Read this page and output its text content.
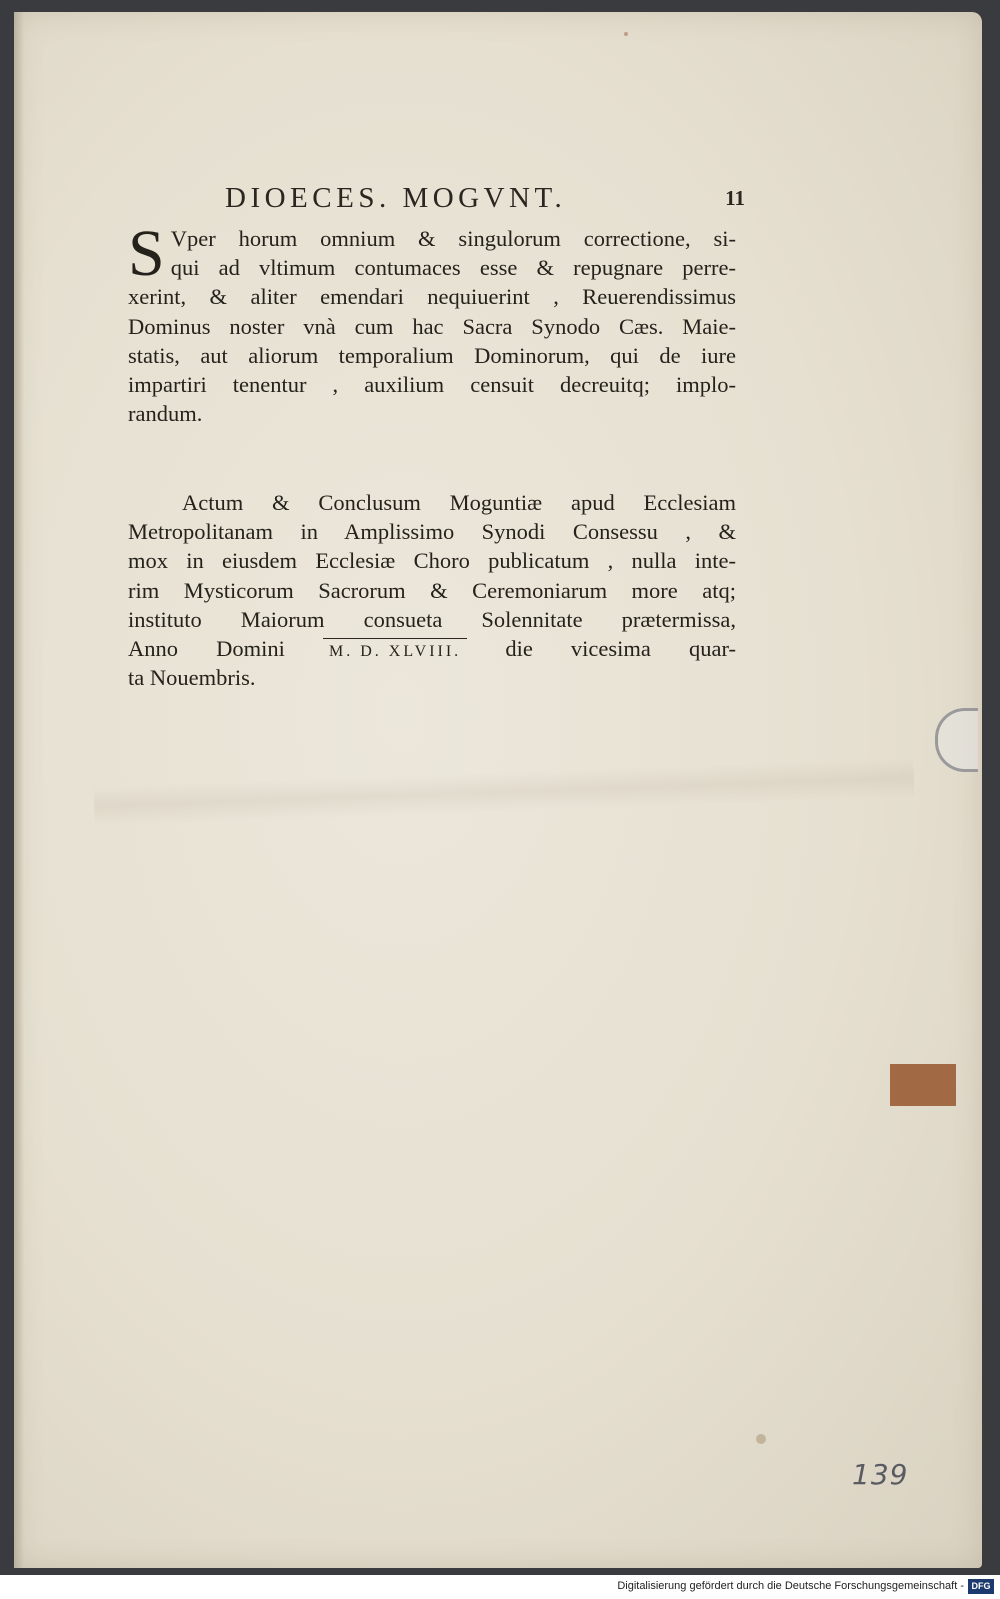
DIOECES. MOGVNT.	11
S Vper horum omnium & singulorum correctione, si-
qui ad vltimum contumaces esse & repugnare perre-
xerint, & aliter emendari nequiuerint , Reuerendissimus
Dominus noster vnà cum hac Sacra Synodo Cæs. Maie-
statis, aut aliorum temporalium Dominorum, qui de iure
impartiri tenentur , auxilium censuit decreuitq; implo-
randum.
Actum & Conclusum Moguntiæ apud Ecclesiam
Metropolitanam in Amplissimo Synodi Consessu , &
mox in eiusdem Ecclesiæ Choro publicatum , nulla inte-
rim Mysticorum Sacrorum & Ceremoniarum more atq;
instituto Maiorum consueta Solennitate prætermissa,
Anno Domini	M. D. XLVIII. die vicesima quar-
ta Nouembris.
139
Digitalisierung gefördert durch die Deutsche Forschungsgemeinschaft - DFG
